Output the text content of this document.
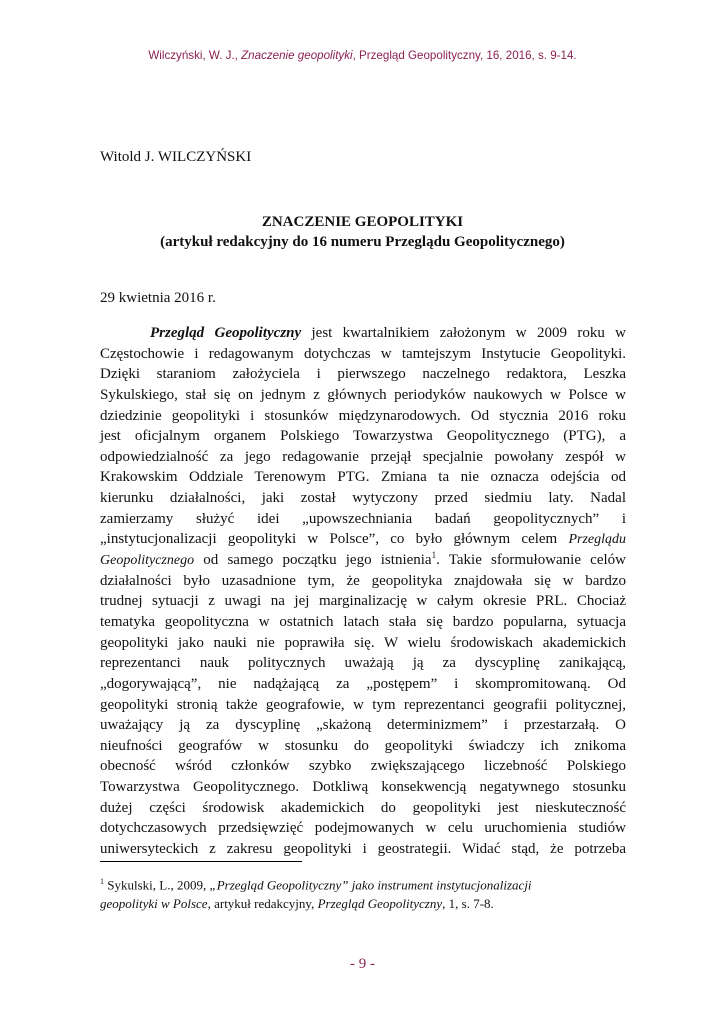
Wilczyński, W. J., Znaczenie geopolityki, Przegląd Geopolityczny, 16, 2016, s. 9-14.
Witold J. WILCZYŃSKI
ZNACZENIE GEOPOLITYKI
(artykuł redakcyjny do 16 numeru Przeglądu Geopolitycznego)
29 kwietnia 2016 r.
Przegląd Geopolityczny jest kwartalnikiem założonym w 2009 roku w
Częstochowie i redagowanym dotychczas w tamtejszym Instytucie Geopolityki.
Dzięki staraniom założyciela i pierwszego naczelnego redaktora, Leszka
Sykulskiego, stał się on jednym z głównych periodyków naukowych w Polsce w
dziedzinie geopolityki i stosunków międzynarodowych. Od stycznia 2016 roku
jest oficjalnym organem Polskiego Towarzystwa Geopolitycznego (PTG), a
odpowiedzialność za jego redagowanie przejął specjalnie powołany zespół w
Krakowskim Oddziale Terenowym PTG. Zmiana ta nie oznacza odejścia od
kierunku działalności, jaki został wytyczony przed siedmiu laty. Nadal
zamierzamy służyć idei „upowszechniania badań geopolitycznych” i
„instytucjonalizacji geopolityki w Polsce”, co było głównym celem Przeglądu
Geopolitycznego od samego początku jego istnienia$^1$. Takie sformułowanie celów
działalności było uzasadnione tym, że geopolityka znajdowała się w bardzo
trudnej sytuacji z uwagi na jej marginalizację w całym okresie PRL. Chociaż
tematyka geopolityczna w ostatnich latach stała się bardzo popularna, sytuacja
geopolityki jako nauki nie poprawiła się. W wielu środowiskach akademickich
reprezentanci nauk politycznych uważają ją za dyscyplinę zanikającą,
„dogorywającą”, nie nadążającą za „postępem” i skompromitowaną. Od
geopolityki stronią także geografowie, w tym reprezentanci geografii politycznej,
uważający ją za dyscyplinę „skażoną determinizmem” i przestarzałą. O
nieufności geografów w stosunku do geopolityki świadczy ich znikoma
obecność wśród członków szybko zwiększającego liczebność Polskiego
Towarzystwa Geopolitycznego. Dotkliwą konsekwencją negatywnego stosunku
dużej części środowisk akademickich do geopolityki jest nieskuteczność
dotychczasowych przedsięwzięć podejmowanych w celu uruchomienia studiów
uniwersyteckich z zakresu geopolityki i geostrategii. Widać stąd, że potrzeba
$^1$ Sykulski, L., 2009, „Przegląd Geopolityczny” jako instrument instytucjonalizacji
geopolityki w Polsce, artykuł redakcyjny, Przegląd Geopolityczny, 1, s. 7-8.
- 9 -
